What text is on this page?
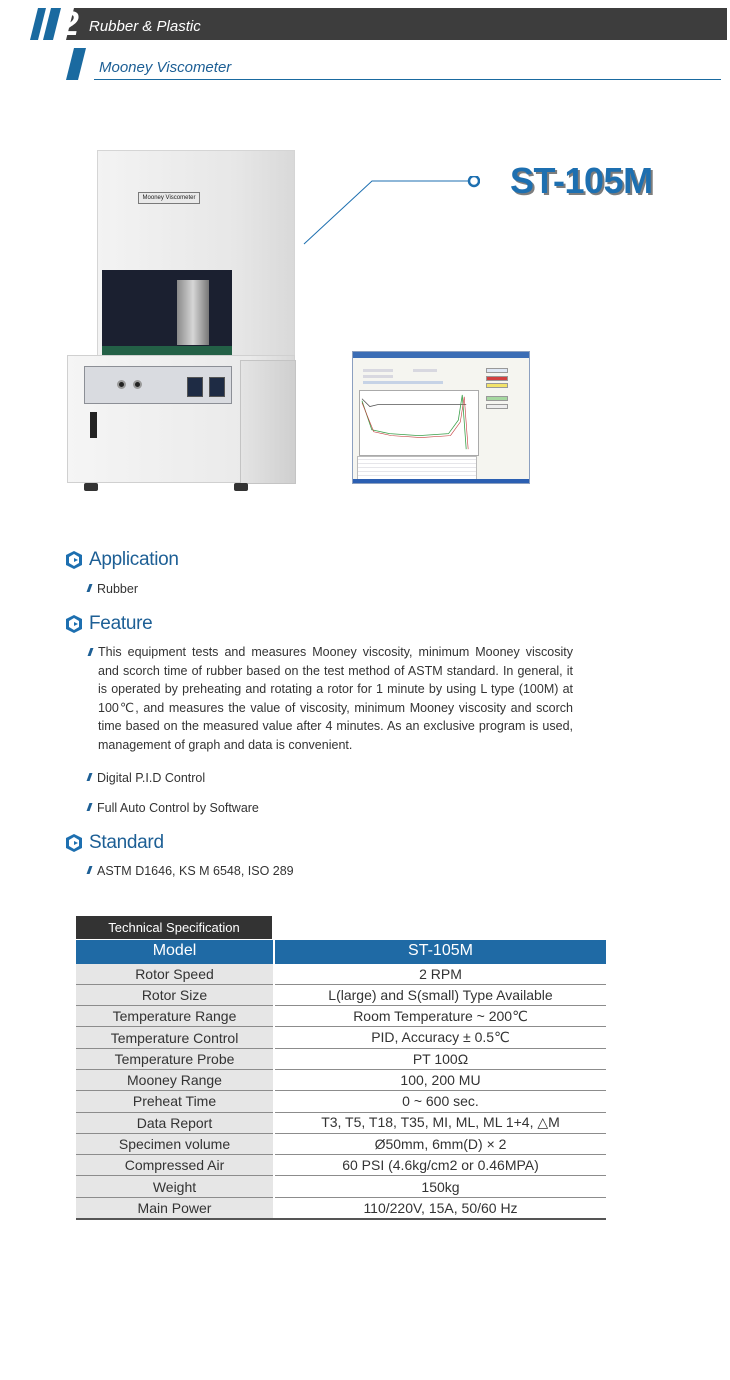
2 Rubber & Plastic
Mooney Viscometer
Mooney Viscometer	ST-105M
Application
Rubber
Feature
This equipment tests and measures Mooney viscosity, minimum Mooney viscosity and scorch time of rubber based on the test method of ASTM standard. In general, it is operated by preheating and rotating a rotor for 1 minute by using L type (100M) at 100℃, and measures the value of viscosity, minimum Mooney viscosity and scorch time based on the measured value after 4 minutes. As an exclusive program is used, management of graph and data is convenient.
Digital P.I.D Control
Full Auto Control by Software
Standard
ASTM D1646, KS M 6548, ISO 289
Technical Specification
Model	ST-105M
Rotor Speed	2 RPM
Rotor Size	L(large) and S(small) Type Available
Temperature Range	Room Temperature ~ 200℃
Temperature Control	PID, Accuracy ± 0.5℃
Temperature Probe	PT 100Ω
Mooney Range	100, 200 MU
Preheat Time	0 ~ 600 sec.
Data Report	T3, T5, T18, T35, MI, ML, ML 1+4, △M
Specimen volume	Ø50mm, 6mm(D) × 2
Compressed Air	60 PSI (4.6kg/cm2 or 0.46MPA)
Weight	150kg
Main Power	110/220V, 15A, 50/60 Hz
